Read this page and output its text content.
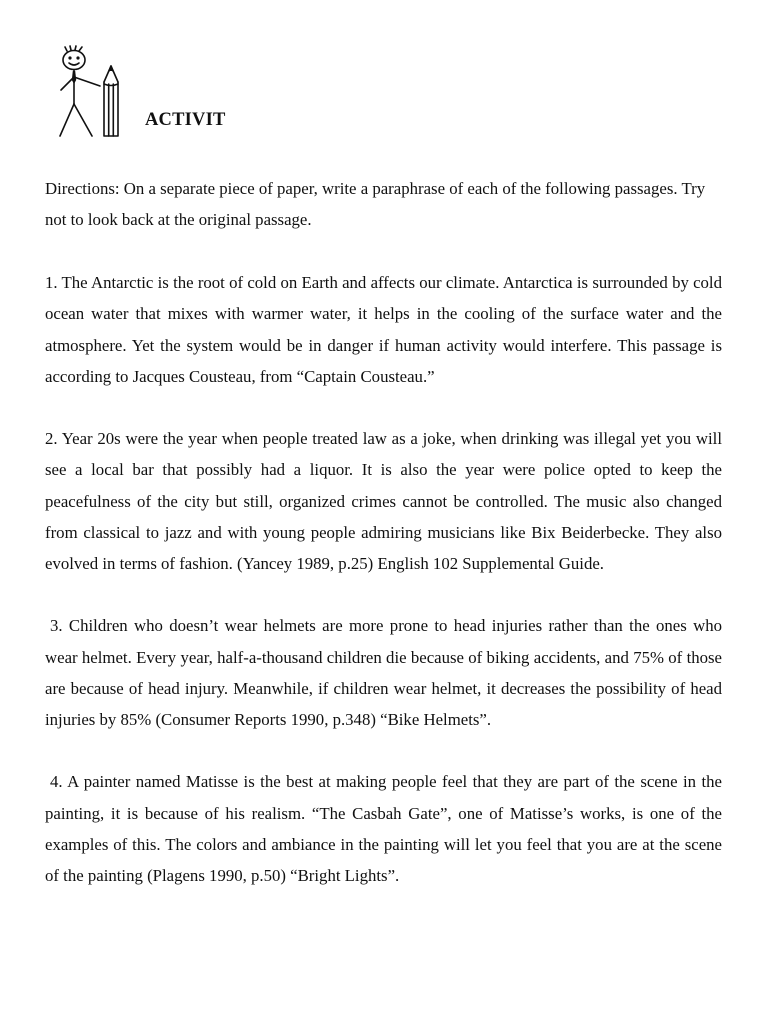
ACTIVIT

Directions: On a separate piece of paper, write a paraphrase of each of the following passages. Try not to look back at the original passage.

1. The Antarctic is the root of cold on Earth and affects our climate. Antarctica is surrounded by cold ocean water that mixes with warmer water, it helps in the cooling of the surface water and the atmosphere. Yet the system would be in danger if human activity would interfere. This passage is according to Jacques Cousteau, from “Captain Cousteau.”

2. Year 20s were the year when people treated law as a joke, when drinking was illegal yet you will see a local bar that possibly had a liquor. It is also the year were police opted to keep the peacefulness of the city but still, organized crimes cannot be controlled. The music also changed from classical to jazz and with young people admiring musicians like Bix Beiderbecke. They also evolved in terms of fashion. (Yancey 1989, p.25) English 102 Supplemental Guide.

3. Children who doesn’t wear helmets are more prone to head injuries rather than the ones who wear helmet. Every year, half-a-thousand children die because of biking accidents, and 75% of those are because of head injury. Meanwhile, if children wear helmet, it decreases the possibility of head injuries by 85% (Consumer Reports 1990, p.348) “Bike Helmets”.

4. A painter named Matisse is the best at making people feel that they are part of the scene in the painting, it is because of his realism. “The Casbah Gate”, one of Matisse’s works, is one of the examples of this. The colors and ambiance in the painting will let you feel that you are at the scene of the painting (Plagens 1990, p.50) “Bright Lights”.
